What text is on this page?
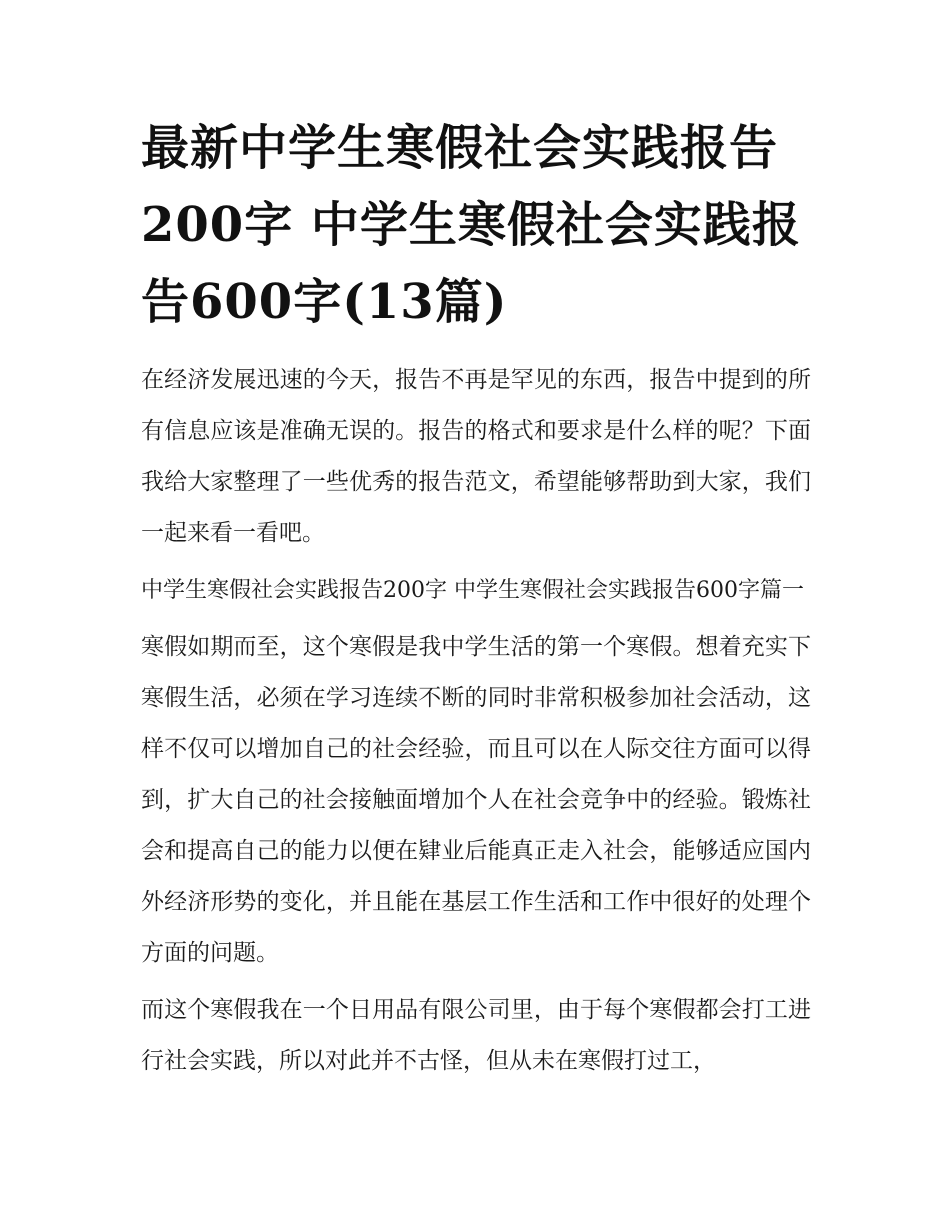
最新中学生寒假社会实践报告200字 中学生寒假社会实践报告600字(13篇)

在经济发展迅速的今天，报告不再是罕见的东西，报告中提到的所有信息应该是准确无误的。报告的格式和要求是什么样的呢？下面我给大家整理了一些优秀的报告范文，希望能够帮助到大家，我们一起来看一看吧。

中学生寒假社会实践报告200字 中学生寒假社会实践报告600字篇一

寒假如期而至，这个寒假是我中学生活的第一个寒假。想着充实下寒假生活，必须在学习连续不断的同时非常积极参加社会活动，这样不仅可以增加自己的社会经验，而且可以在人际交往方面可以得到，扩大自己的社会接触面增加个人在社会竞争中的经验。锻炼社会和提高自己的能力以便在肄业后能真正走入社会，能够适应国内外经济形势的变化，并且能在基层工作生活和工作中很好的处理个方面的问题。

而这个寒假我在一个日用品有限公司里，由于每个寒假都会打工进行社会实践，所以对此并不古怪，但从未在寒假打过工，
